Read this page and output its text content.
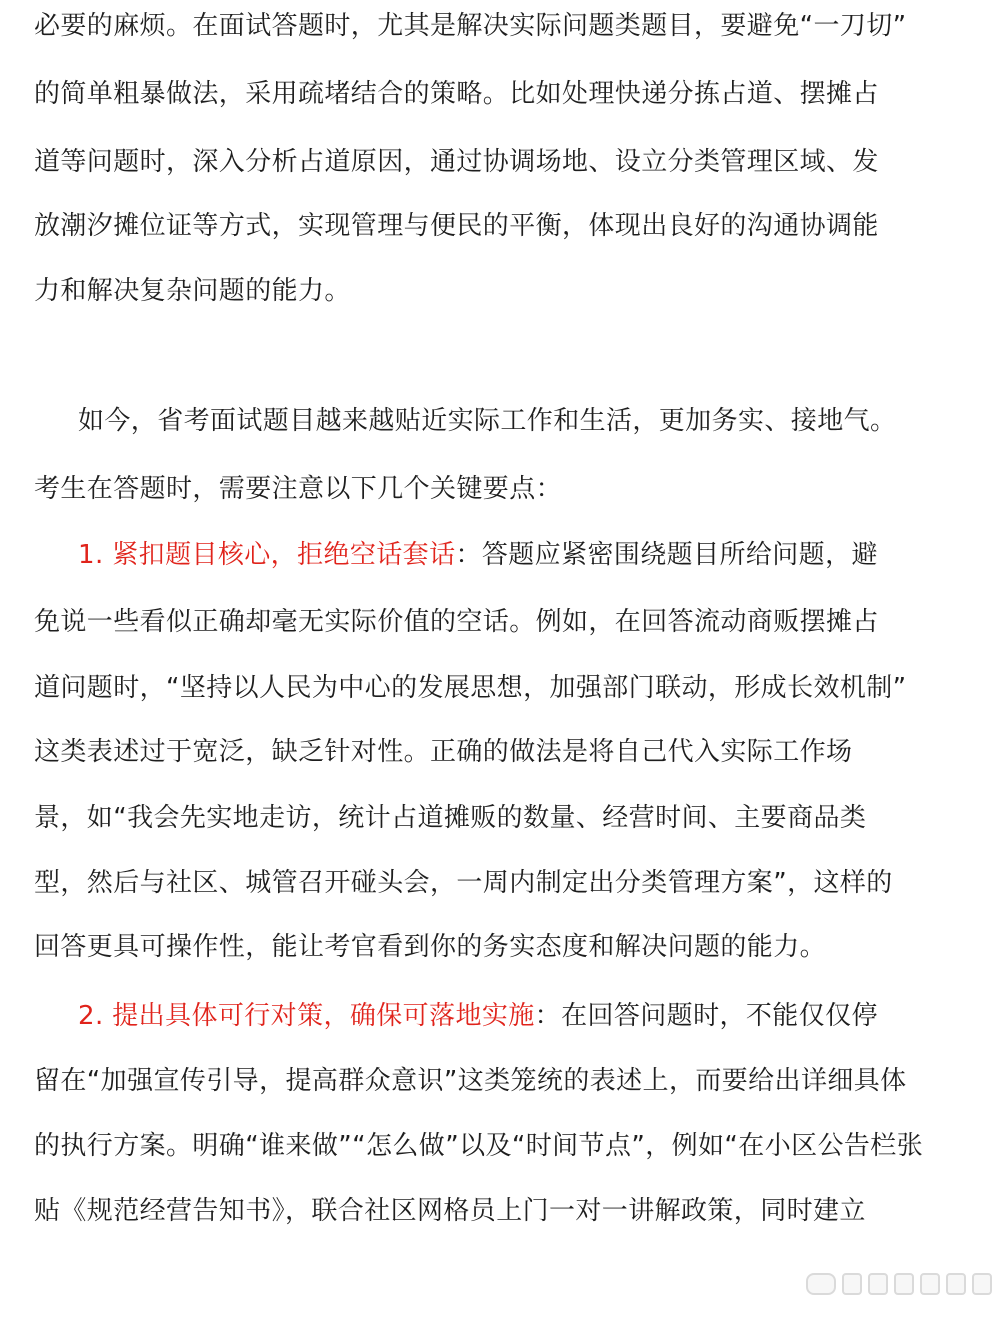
必要的麻烦。在面试答题时，尤其是解决实际问题类题目，要避免“一刀切”
的简单粗暴做法，采用疏堵结合的策略。比如处理快递分拣占道、摆摊占
道等问题时，深入分析占道原因，通过协调场地、设立分类管理区域、发
放潮汐摊位证等方式，实现管理与便民的平衡，体现出良好的沟通协调能
力和解决复杂问题的能力。
如今，省考面试题目越来越贴近实际工作和生活，更加务实、接地气。
考生在答题时，需要注意以下几个关键要点：
1. 紧扣题目核心，拒绝空话套话：答题应紧密围绕题目所给问题，避
免说一些看似正确却毫无实际价值的空话。例如，在回答流动商贩摆摊占
道问题时，“坚持以人民为中心的发展思想，加强部门联动，形成长效机制”
这类表述过于宽泛，缺乏针对性。正确的做法是将自己代入实际工作场
景，如“我会先实地走访，统计占道摊贩的数量、经营时间、主要商品类
型，然后与社区、城管召开碰头会，一周内制定出分类管理方案”，这样的
回答更具可操作性，能让考官看到你的务实态度和解决问题的能力。
2. 提出具体可行对策，确保可落地实施：在回答问题时，不能仅仅停
留在“加强宣传引导，提高群众意识”这类笼统的表述上，而要给出详细具体
的执行方案。明确“谁来做”“怎么做”以及“时间节点”，例如“在小区公告栏张
贴《规范经营告知书》，联合社区网格员上门一对一讲解政策，同时建立
